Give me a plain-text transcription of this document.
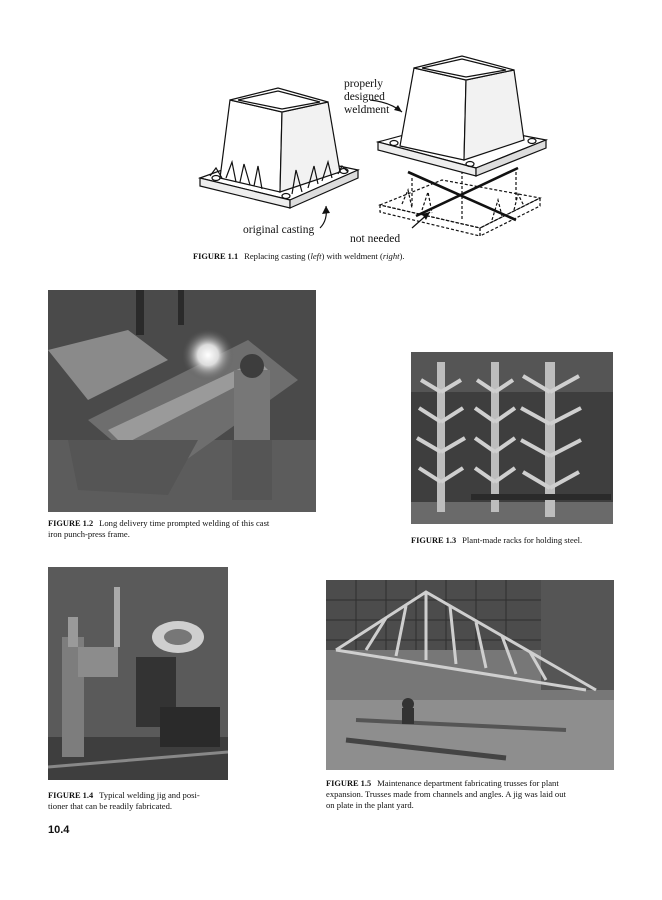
properly
designed
weldment
original casting
not needed
FIGURE 1.1 Replacing casting (left) with weldment (right).
FIGURE 1.2 Long delivery time prompted welding of this cast
iron punch-press frame.
FIGURE 1.3 Plant-made racks for holding steel.
FIGURE 1.4 Typical welding jig and posi-
tioner that can be readily fabricated.
FIGURE 1.5 Maintenance department fabricating trusses for plant
expansion. Trusses made from channels and angles. A jig was laid out
on plate in the plant yard.
10.4
